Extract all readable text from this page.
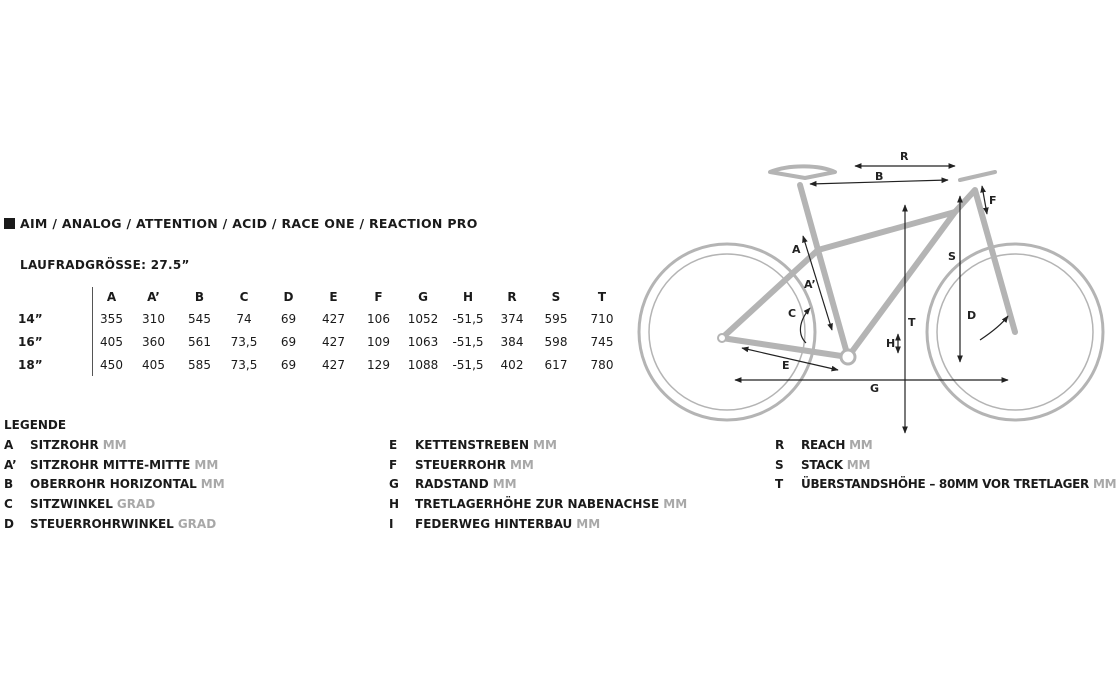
AIM / ANALOG / ATTENTION / ACID / RACE ONE / REACTION PRO
LAUFRADGRÖSSE: 27.5”
	A	A’	B	C	D	E	F	G	H	R	S	T
14”	355	310	545	74	69	427	106	1052	-51,5	374	595	710
16”	405	360	561	73,5	69	427	109	1063	-51,5	384	598	745
18”	450	405	585	73,5	69	427	129	1088	-51,5	402	617	780
LEGENDE
A	SITZROHR MM
A’	SITZROHR MITTE-MITTE MM
B	OBERROHR HORIZONTAL MM
C	SITZWINKEL GRAD
D	STEUERROHRWINKEL GRAD
E	KETTENSTREBEN MM
F	STEUERROHR MM
G	RADSTAND MM
H	TRETLAGERHÖHE ZUR NABENACHSE MM
I	FEDERWEG HINTERBAU MM
R	REACH MM
S	STACK MM
T	ÜBERSTANDSHÖHE – 80MM VOR TRETLAGER MM
R
B
F
A
A’
S
T
C	D
H
E
G
